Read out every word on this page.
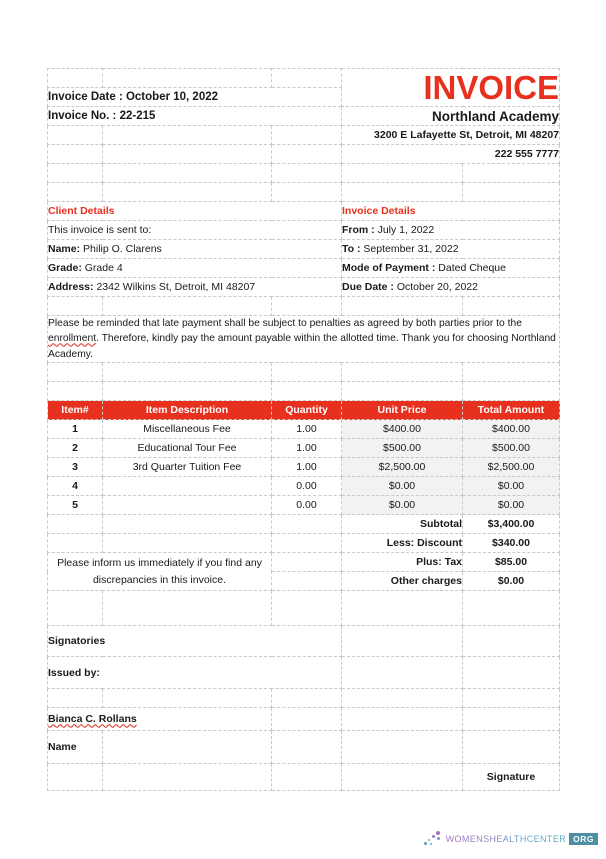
			INVOICE	
Invoice Date : October 10, 2022				
Invoice No. : 22-215			Northland Academy	
			3200 E Lafayette St, Detroit, MI 48207	
			222 555 7777	

Client Details			Invoice Details	
This invoice is sent to:			From : July 1, 2022	
Name: Philip O. Clarens			To : September 31, 2022	
Grade: Grade 4			Mode of Payment : Dated Cheque	
Address: 2342 Wilkins St, Detroit, MI 48207			Due Date : October 20, 2022	

Please be reminded that late payment shall be subject to penalties as agreed by both parties prior to the enrollment. Therefore, kindly pay the amount payable within the allotted time. Thank you for choosing Northland Academy.				

Item#	Item Description	Quantity	Unit Price	Total Amount
1	Miscellaneous Fee	1.00	$400.00	$400.00
2	Educational Tour Fee	1.00	$500.00	$500.00
3	3rd Quarter Tuition Fee	1.00	$2,500.00	$2,500.00
4		0.00	$0.00	$0.00
5		0.00	$0.00	$0.00
			Subtotal	$3,400.00
			Less: Discount	$340.00
Please inform us immediately if you find any discrepancies in this invoice.			Plus: Tax	$85.00
			Other charges	$0.00
			Total Payment Due	$3,145.00
Signatories				
Issued by:				

Bianca C. Rollans				
Name				
				Signature
WOMENSHEALTHCENTER ORG
